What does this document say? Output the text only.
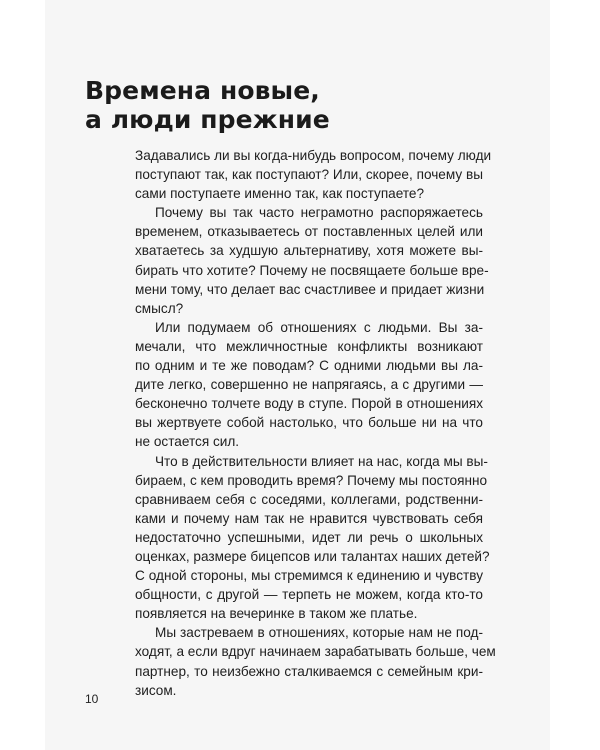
Времена новые,
а люди прежние
Задавались ли вы когда-нибудь вопросом, почему люди
поступают так, как поступают? Или, скорее, почему вы
сами поступаете именно так, как поступаете?
Почему вы так часто неграмотно распоряжаетесь
временем, отказываетесь от поставленных целей или
хватаетесь за худшую альтернативу, хотя можете вы-
бирать что хотите? Почему не посвящаете больше вре-
мени тому, что делает вас счастливее и придает жизни
смысл?
Или подумаем об отношениях с людьми. Вы за-
мечали, что межличностные конфликты возникают
по одним и те же поводам? С одними людьми вы ла-
дите легко, совершенно не напрягаясь, а с другими —
бесконечно толчете воду в ступе. Порой в отношениях
вы жертвуете собой настолько, что больше ни на что
не остается сил.
Что в действительности влияет на нас, когда мы вы-
бираем, с кем проводить время? Почему мы постоянно
сравниваем себя с соседями, коллегами, родственни-
ками и почему нам так не нравится чувствовать себя
недостаточно успешными, идет ли речь о школьных
оценках, размере бицепсов или талантах наших детей?
С одной стороны, мы стремимся к единению и чувству
общности, с другой — терпеть не можем, когда кто-то
появляется на вечеринке в таком же платье.
Мы застреваем в отношениях, которые нам не под-
ходят, а если вдруг начинаем зарабатывать больше, чем
партнер, то неизбежно сталкиваемся с семейным кри-
зисом.
10
